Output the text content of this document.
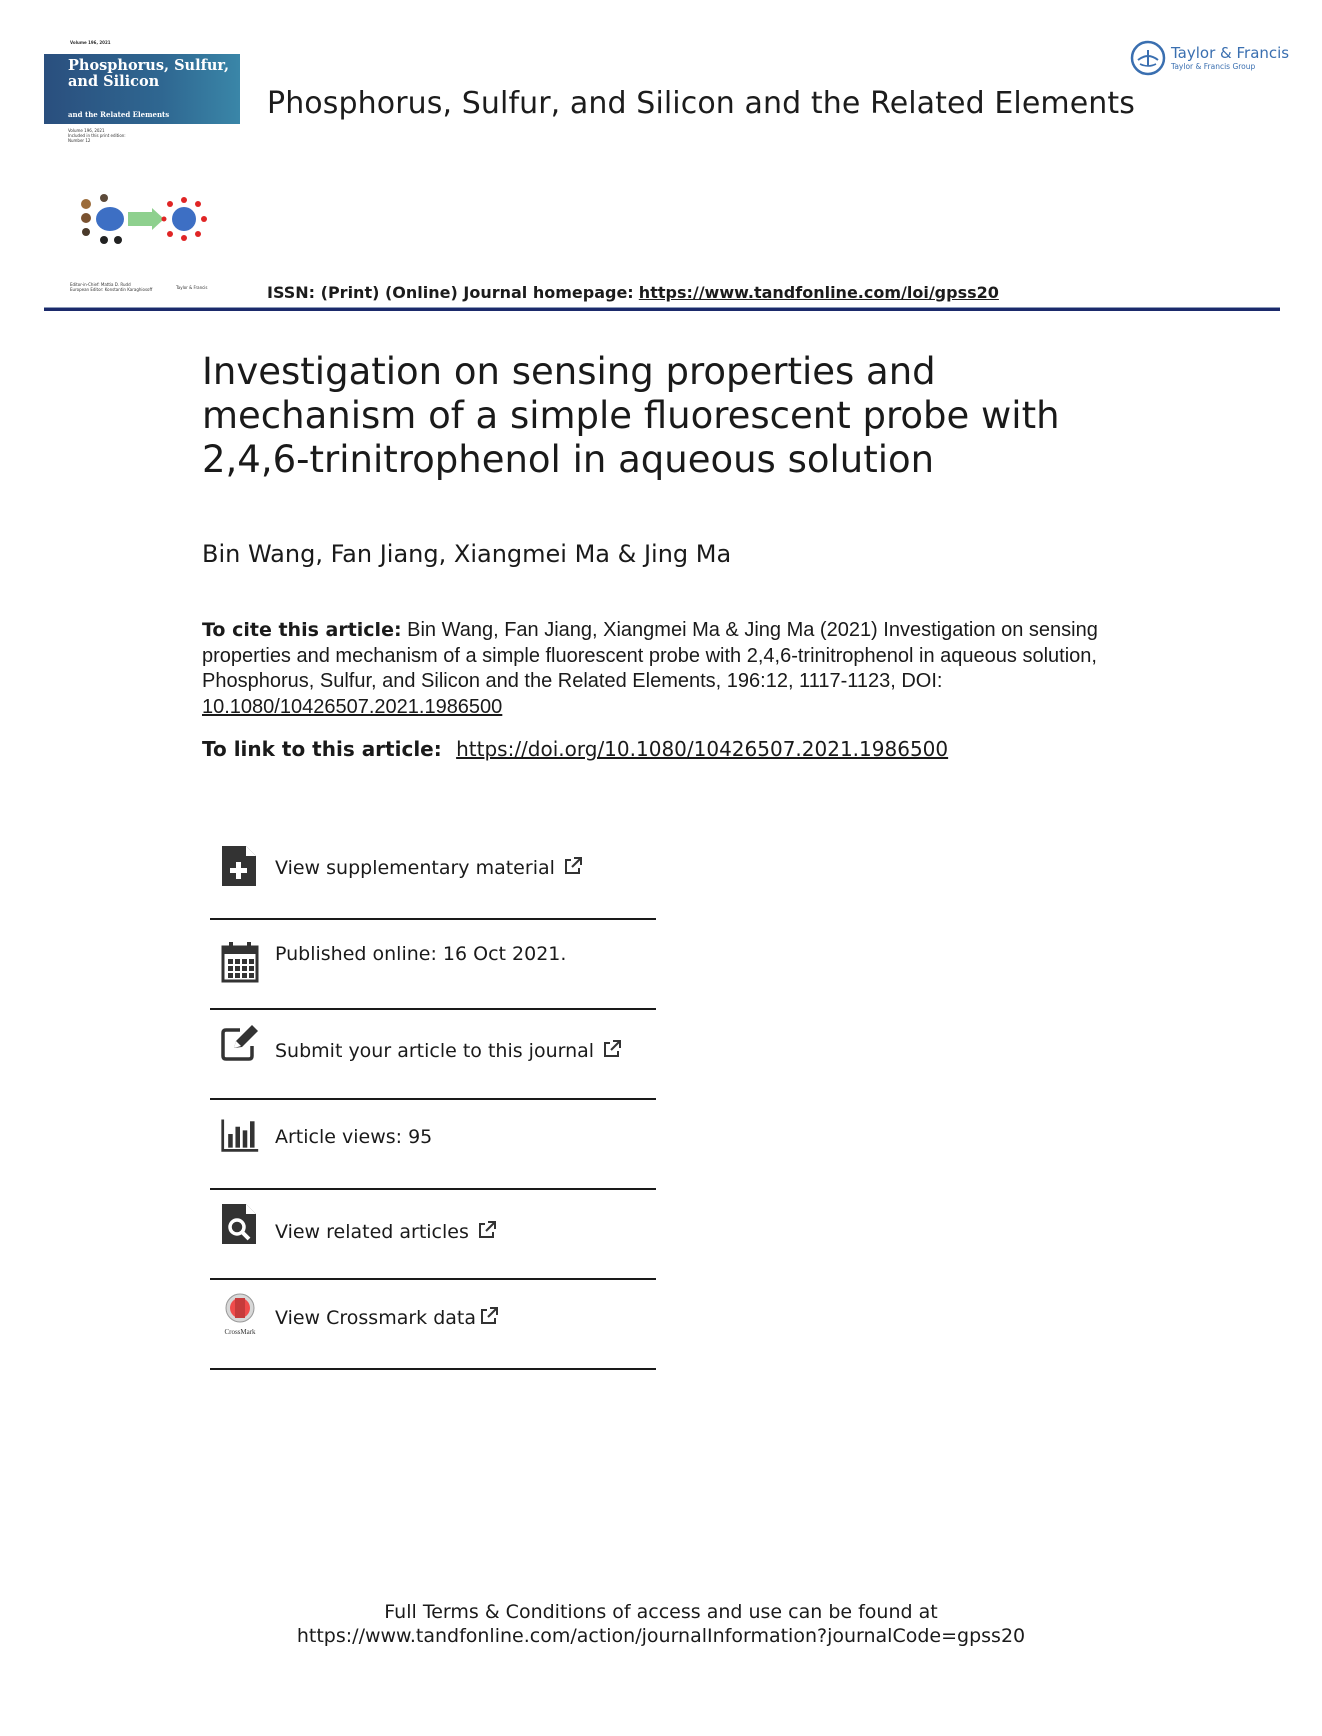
Volume 196, 2021
Phosphorus, Sulfur, and Silicon
and the Related Elements
Volume 196, 2021
Included in this print edition:
Number 12
Editor-in-Chief: Mattia D. Rudd
European Editor: Konstantin Karaghiosoff	Taylor & Francis
Taylor & Francis
Taylor & Francis Group
Phosphorus, Sulfur, and Silicon and the Related Elements
ISSN: (Print) (Online) Journal homepage: https://www.tandfonline.com/loi/gpss20
Investigation on sensing properties and mechanism of a simple fluorescent probe with 2,4,6-trinitrophenol in aqueous solution
Bin Wang, Fan Jiang, Xiangmei Ma & Jing Ma
To cite this article: Bin Wang, Fan Jiang, Xiangmei Ma & Jing Ma (2021) Investigation on sensing properties and mechanism of a simple fluorescent probe with 2,4,6-trinitrophenol in aqueous solution, Phosphorus, Sulfur, and Silicon and the Related Elements, 196:12, 1117-1123, DOI: 10.1080/10426507.2021.1986500
To link to this article: https://doi.org/10.1080/10426507.2021.1986500
View supplementary material
Published online: 16 Oct 2021.
Submit your article to this journal
Article views: 95
View related articles
CrossMark
View Crossmark data
Full Terms & Conditions of access and use can be found at
https://www.tandfonline.com/action/journalInformation?journalCode=gpss20
